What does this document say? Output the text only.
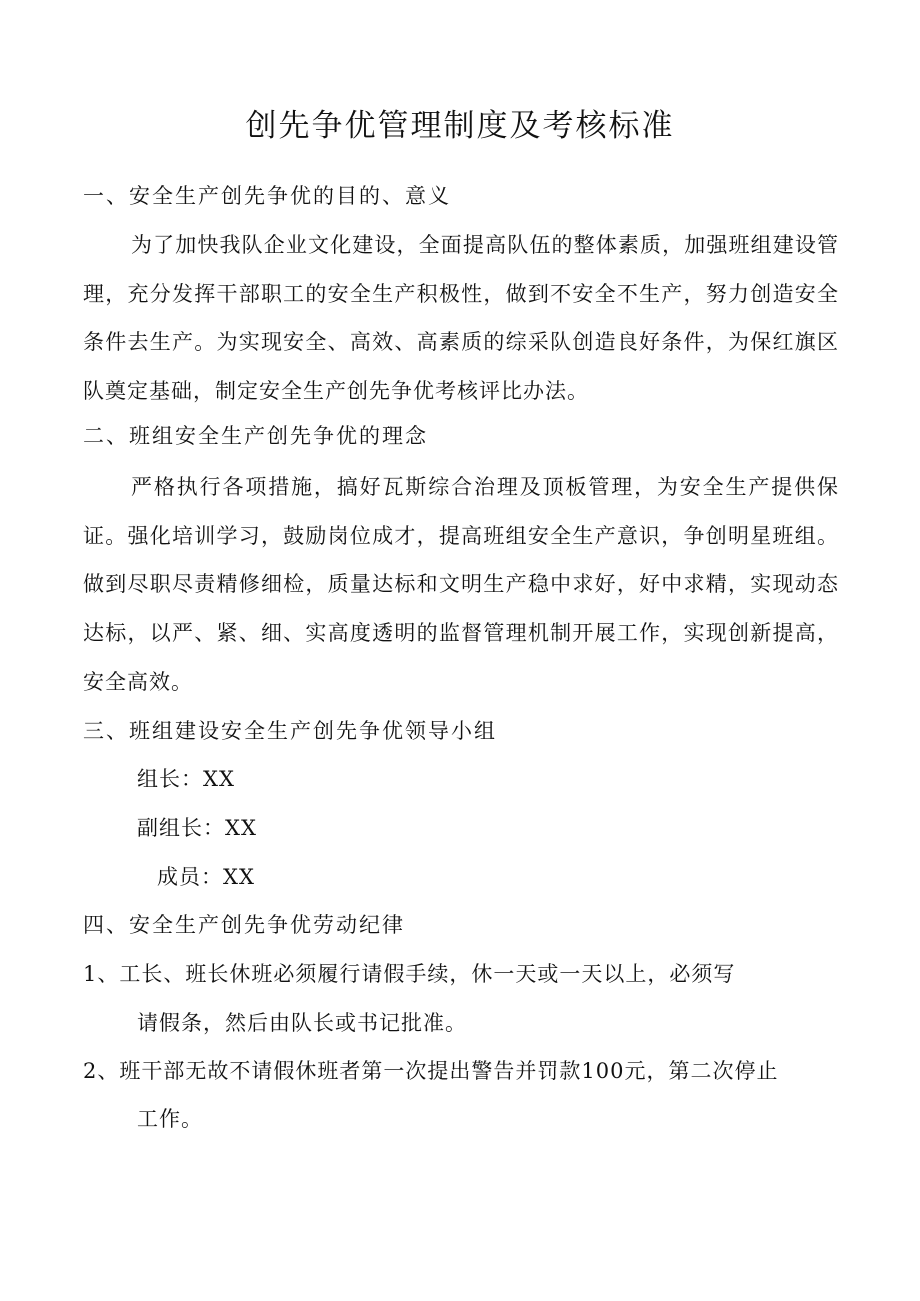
创先争优管理制度及考核标准
一、安全生产创先争优的目的、意义
为了加快我队企业文化建设，全面提高队伍的整体素质，加强班组建设管理，充分发挥干部职工的安全生产积极性，做到不安全不生产，努力创造安全条件去生产。为实现安全、高效、高素质的综采队创造良好条件，为保红旗区队奠定基础，制定安全生产创先争优考核评比办法。
二、班组安全生产创先争优的理念
严格执行各项措施，搞好瓦斯综合治理及顶板管理，为安全生产提供保证。强化培训学习，鼓励岗位成才，提高班组安全生产意识，争创明星班组。做到尽职尽责精修细检，质量达标和文明生产稳中求好，好中求精，实现动态达标，以严、紧、细、实高度透明的监督管理机制开展工作，实现创新提高，安全高效。
三、班组建设安全生产创先争优领导小组
组长：XX
副组长：XX
成员：XX
四、安全生产创先争优劳动纪律
1、工长、班长休班必须履行请假手续，休一天或一天以上，必须写
请假条，然后由队长或书记批准。
2、班干部无故不请假休班者第一次提出警告并罚款100元，第二次停止
工作。
